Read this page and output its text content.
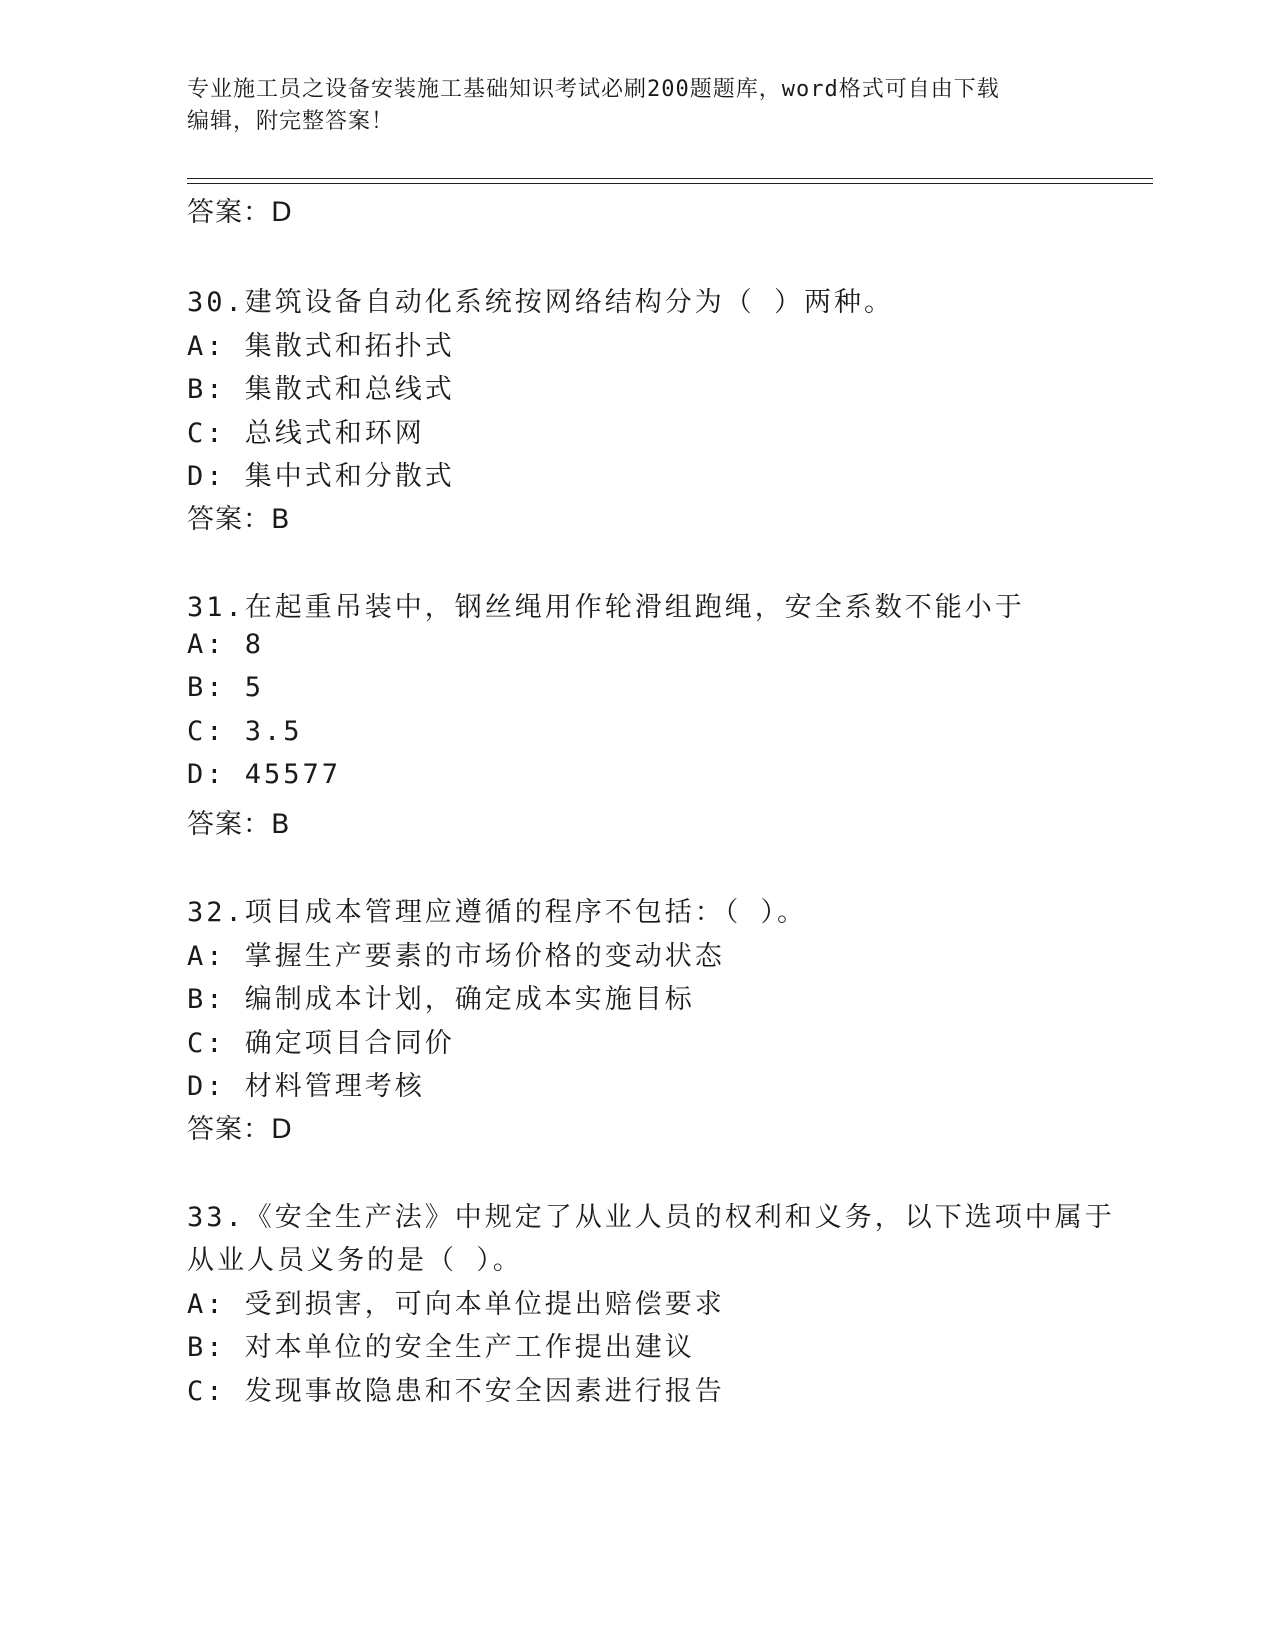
专业施工员之设备安装施工基础知识考试必刷200题题库，word格式可自由下载
编辑，附完整答案！
答案：D
30.建筑设备自动化系统按网络结构分为（ ）两种。
A: 集散式和拓扑式
B: 集散式和总线式
C: 总线式和环网
D: 集中式和分散式
答案：B
31.在起重吊装中，钢丝绳用作轮滑组跑绳，安全系数不能小于
A: 8
B: 5
C: 3.5
D: 45577
答案：B
32.项目成本管理应遵循的程序不包括：（ ）。
A: 掌握生产要素的市场价格的变动状态
B: 编制成本计划，确定成本实施目标
C: 确定项目合同价
D: 材料管理考核
答案：D
33.《安全生产法》中规定了从业人员的权利和义务，以下选项中属于
从业人员义务的是（ ）。
A: 受到损害，可向本单位提出赔偿要求
B: 对本单位的安全生产工作提出建议
C: 发现事故隐患和不安全因素进行报告
